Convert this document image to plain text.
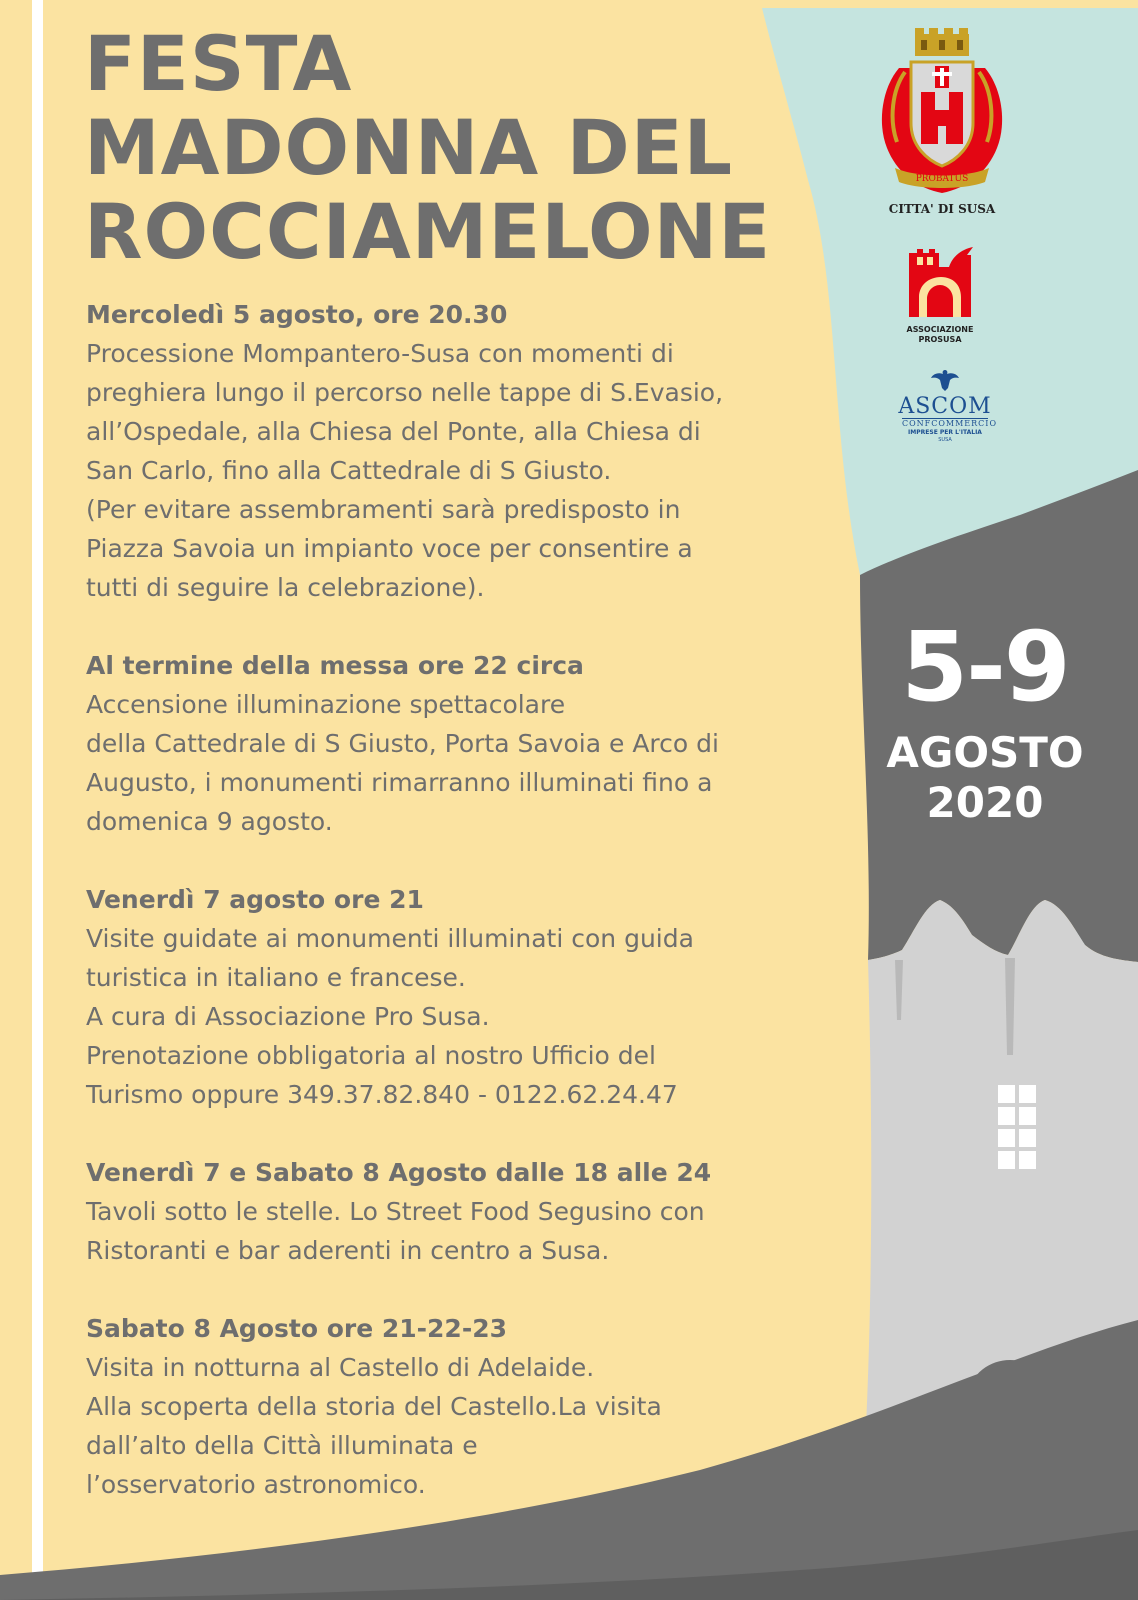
FESTA
MADONNA DEL
ROCCIAMELONE
Mercoledì 5 agosto, ore 20.30

Processione Mompantero-Susa con momenti di

preghiera lungo il percorso nelle tappe di S.Evasio,

all’Ospedale, alla Chiesa del Ponte, alla Chiesa di

San Carlo, fino alla Cattedrale di S Giusto.

(Per evitare assembramenti sarà predisposto in

Piazza Savoia un impianto voce per consentire a

tutti di seguire la celebrazione).

Al termine della messa ore 22 circa

Accensione illuminazione spettacolare

della Cattedrale di S Giusto, Porta Savoia e Arco di

Augusto, i monumenti rimarranno illuminati fino a

domenica 9 agosto.

Venerdì 7 agosto ore 21

Visite guidate ai monumenti illuminati con guida

turistica in italiano e francese.

A cura di Associazione Pro Susa.

Prenotazione obbligatoria al nostro Ufficio del

Turismo oppure 349.37.82.840 - 0122.62.24.47

Venerdì 7 e Sabato 8 Agosto dalle 18 alle 24

Tavoli sotto le stelle. Lo Street Food Segusino con

Ristoranti e bar aderenti in centro a Susa.

Sabato 8 Agosto ore 21-22-23

Visita in notturna al Castello di Adelaide.

Alla scoperta della storia del Castello.La visita

dall’alto della Città illuminata e

l’osservatorio astronomico.

PROBATUS
CITTA' DI SUSA
ASSOCIAZIONE
PROSUSA
ASCOM
CONFCOMMERCIO
IMPRESE PER L'ITALIA
SUSA
5-9
AGOSTO
2020
